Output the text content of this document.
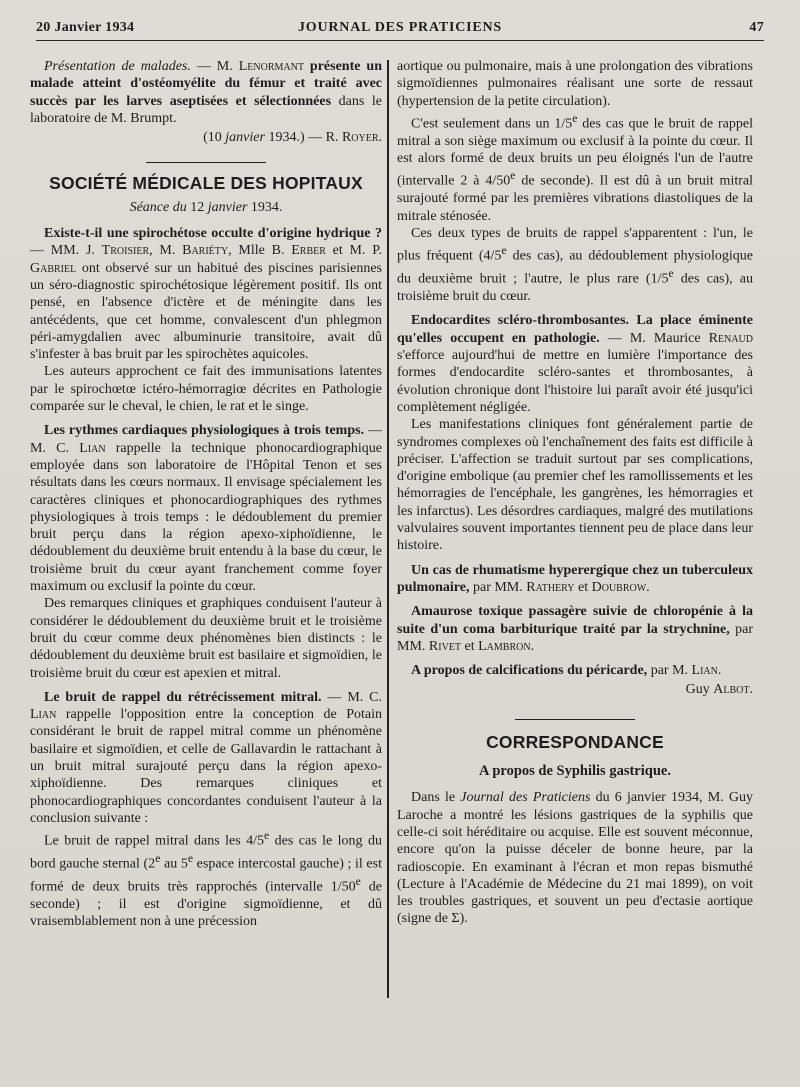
20 Janvier 1934	JOURNAL DES PRATICIENS	47

Présentation de malades. — M. Lenormant présente un malade atteint d'ostéomyélite du fémur et traité avec succès par les larves aseptisées et sélectionnées dans le laboratoire de M. Brumpt.

(10 janvier 1934.) — R. Royer.

SOCIÉTÉ MÉDICALE DES HOPITAUX

Séance du 12 janvier 1934.

Existe-t-il une spirochétose occulte d'origine hydrique ? — MM. J. Troisier, M. Bariéty, Mlle B. Erber et M. P. Gabriel ont observé sur un habitué des piscines parisiennes un séro-diagnostic spirochétosique légèrement positif. Ils ont pensé, en l'absence d'ictère et de méningite dans les antécédents, que cet homme, convalescent d'un phlegmon péri-amygdalien avec albuminurie transitoire, avait dû s'infester à bas bruit par les spirochètes aquicoles.

Les auteurs approchent ce fait des immunisations latentes par le spirochœtœ ictéro-hémorragiœ décrites en Pathologie comparée sur le cheval, le chien, le rat et le singe.

Les rythmes cardiaques physiologiques à trois temps. — M. C. Lian rappelle la technique phonocardiographique employée dans son laboratoire de l'Hôpital Tenon et ses résultats dans les cœurs normaux. Il envisage spécialement les caractères cliniques et phonocardiographiques des rythmes physiologiques à trois temps : le dédoublement du premier bruit perçu dans la région apexo-xiphoïdienne, le dédoublement du deuxième bruit entendu à la base du cœur, le troisième bruit du cœur ayant franchement comme foyer maximum ou exclusif la pointe du cœur.

Des remarques cliniques et graphiques conduisent l'auteur à considérer le dédoublement du deuxième bruit et le troisième bruit du cœur comme deux phénomènes bien distincts : le dédoublement du deuxième bruit est basilaire et sigmoïdien, le troisième bruit du cœur est apexien et mitral.

Le bruit de rappel du rétrécissement mitral. — M. C. Lian rappelle l'opposition entre la conception de Potain considérant le bruit de rappel mitral comme un phénomène basilaire et sigmoïdien, et celle de Gallavardin le rattachant à un bruit mitral surajouté perçu dans la région apexo-xiphoïdienne. Des remarques cliniques et phonocardiographiques concordantes conduisent l'auteur à la conclusion suivante :

Le bruit de rappel mitral dans les 4/5e des cas le long du bord gauche sternal (2e au 5e espace intercostal gauche) ; il est formé de deux bruits très rapprochés (intervalle 1/50e de seconde) ; il est d'origine sigmoïdienne, et dû vraisemblablement non à une précession

aortique ou pulmonaire, mais à une prolongation des vibrations sigmoïdiennes pulmonaires réalisant une sorte de ressaut (hypertension de la petite circulation).

C'est seulement dans un 1/5e des cas que le bruit de rappel mitral a son siège maximum ou exclusif à la pointe du cœur. Il est alors formé de deux bruits un peu éloignés l'un de l'autre (intervalle 2 à 4/50e de seconde). Il est dû à un bruit mitral surajouté formé par les premières vibrations diastoliques de la mitrale sténosée.

Ces deux types de bruits de rappel s'apparentent : l'un, le plus fréquent (4/5e des cas), au dédoublement physiologique du deuxième bruit ; l'autre, le plus rare (1/5e des cas), au troisième bruit du cœur.

Endocardites scléro-thrombosantes. La place éminente qu'elles occupent en pathologie. — M. Maurice Renaud s'efforce aujourd'hui de mettre en lumière l'importance des formes d'endocardite scléro-santes et thrombosantes, à évolution chronique dont l'histoire lui paraît avoir été jusqu'ici complètement négligée.

Les manifestations cliniques font généralement partie de syndromes complexes où l'enchaînement des faits est difficile à préciser. L'affection se traduit surtout par ses complications, d'origine embolique (au premier chef les ramollissements et les hémorragies de l'encéphale, les gangrènes, les hémorragies et les infarctus). Les désordres cardiaques, malgré des mutilations valvulaires souvent importantes tiennent peu de place dans leur histoire.

Un cas de rhumatisme hyperergique chez un tuberculeux pulmonaire, par MM. Rathery et Doubrow.

Amaurose toxique passagère suivie de chloropénie à la suite d'un coma barbiturique traité par la strychnine, par MM. Rivet et Lambron.

A propos de calcifications du péricarde, par M. Lian.

Guy Albot.

CORRESPONDANCE

A propos de Syphilis gastrique.

Dans le Journal des Praticiens du 6 janvier 1934, M. Guy Laroche a montré les lésions gastriques de la syphilis que celle-ci soit héréditaire ou acquise. Elle est souvent méconnue, encore qu'on la puisse déceler de bonne heure, par la radioscopie. En examinant à l'écran et mon repas bismuthé (Lecture à l'Académie de Médecine du 21 mai 1899), on voit les troubles gastriques, et souvent un peu d'ectasie aortique (signe de Σ).
